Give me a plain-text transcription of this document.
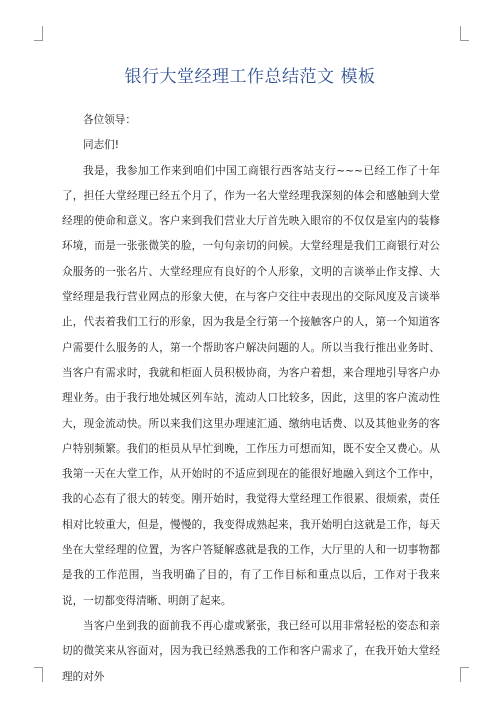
银行大堂经理工作总结范文 模板

各位领导：

同志们!

我是，我参加工作来到咱们中国工商银行西客站支行~~~已经工作了十年了，担任大堂经理已经五个月了，作为一名大堂经理我深刻的体会和感触到大堂经理的使命和意义。客户来到我们营业大厅首先映入眼帘的不仅仅是室内的装修环境，而是一张张微笑的脸，一句句亲切的问候。大堂经理是我们工商银行对公众服务的一张名片、大堂经理应有良好的个人形象，文明的言谈举止作支撑、大堂经理是我行营业网点的形象大使，在与客户交往中表现出的交际风度及言谈举止，代表着我们工行的形象，因为我是全行第一个接触客户的人，第一个知道客户需要什么服务的人，第一个帮助客户解决问题的人。所以当我行推出业务时、当客户有需求时，我就和柜面人员积极协商，为客户着想，来合理地引导客户办理业务。由于我行地处城区列车站，流动人口比较多，因此，这里的客户流动性大，现金流动快。所以来我们这里办理速汇通、缴纳电话费、以及其他业务的客户特别频繁。我们的柜员从早忙到晚，工作压力可想而知，既不安全又费心。从我第一天在大堂工作，从开始时的不适应到现在的能很好地融入到这个工作中，我的心态有了很大的转变。刚开始时，我觉得大堂经理工作很累、很烦索，责任相对比较重大，但是，慢慢的，我变得成熟起来，我开始明白这就是工作，每天坐在大堂经理的位置，为客户答疑解惑就是我的工作，大厅里的人和一切事物都是我的工作范围，当我明确了目的，有了工作目标和重点以后，工作对于我来说，一切都变得清晰、明朗了起来。

当客户坐到我的面前我不再心虚或紧张，我已经可以用非常轻松的姿态和亲切的微笑来从容面对，因为我已经熟悉我的工作和客户需求了，在我开始大堂经理的对外
